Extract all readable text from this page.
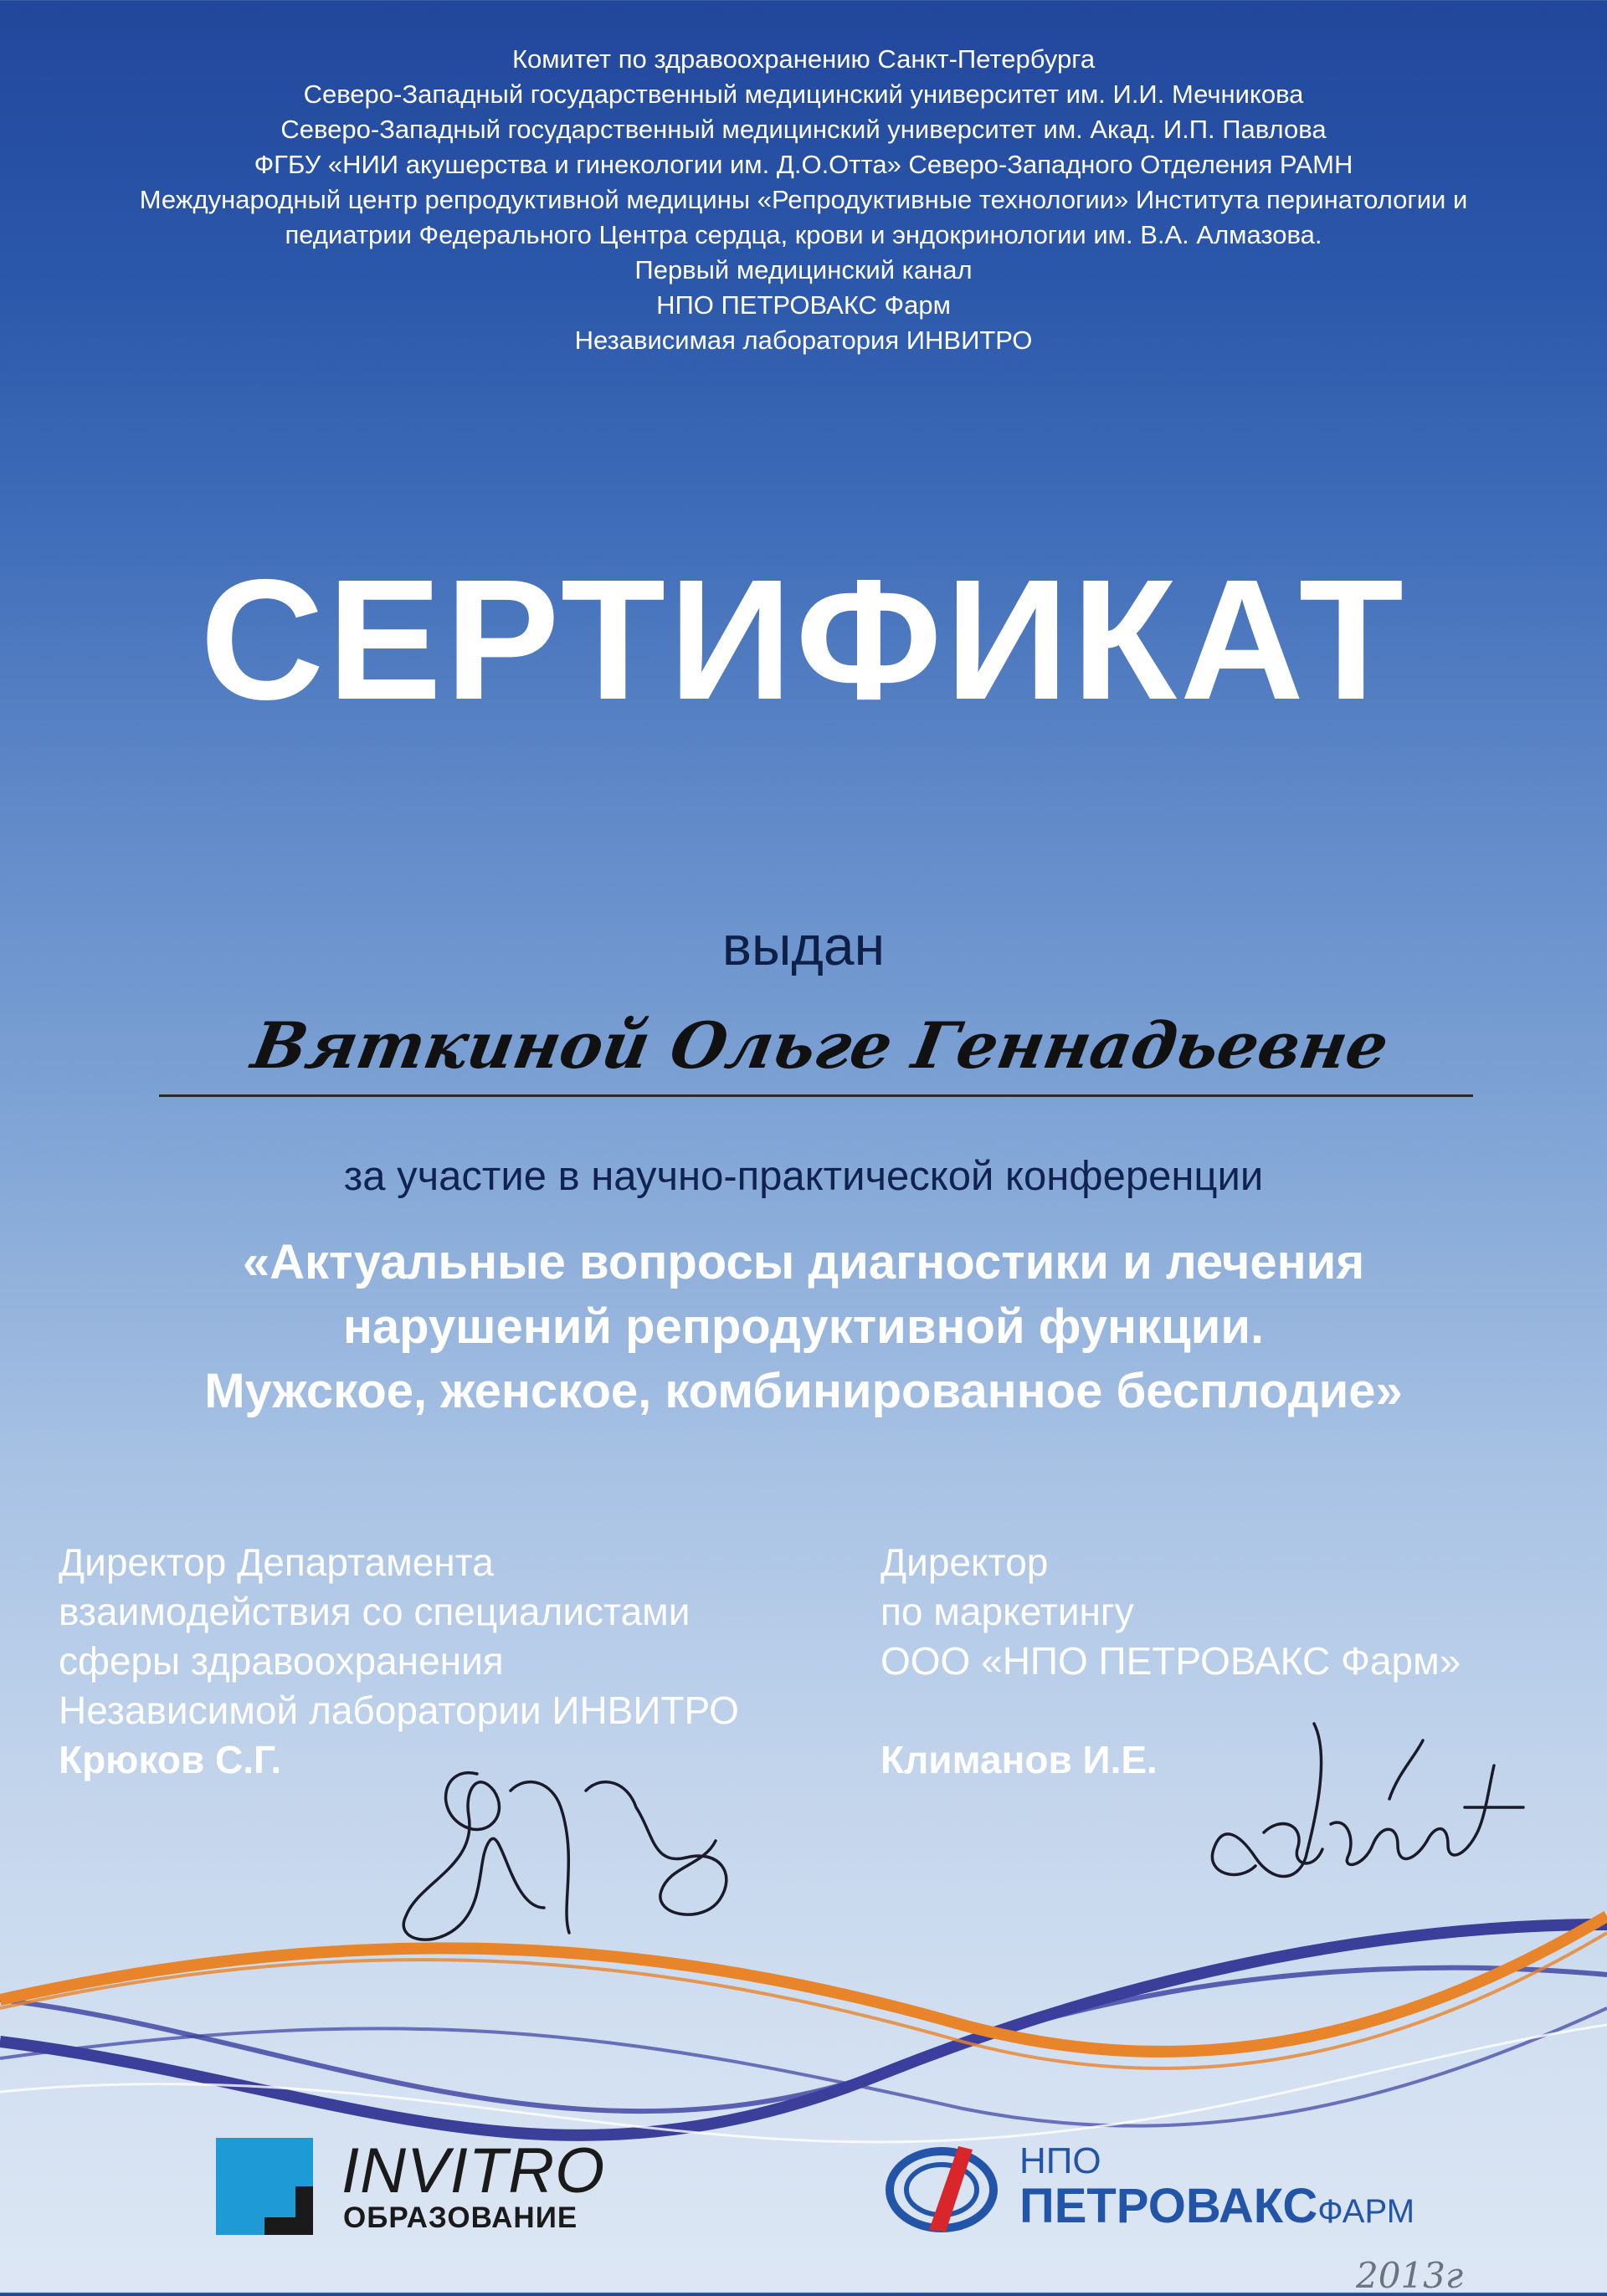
Комитет по здравоохранению Санкт-Петербурга
Северо-Западный государственный медицинский университет им. И.И. Мечникова
Северо-Западный государственный медицинский университет им. Акад. И.П. Павлова
ФГБУ «НИИ акушерства и гинекологии им. Д.О.Отта» Северо-Западного Отделения РАМН
Международный центр репродуктивной медицины «Репродуктивные технологии» Института перинатологии и
педиатрии Федерального Центра сердца, крови и эндокринологии им. В.А. Алмазова.
Первый медицинский канал
НПО ПЕТРОВАКС Фарм
Независимая лаборатория ИНВИТРО
СЕРТИФИКАТ
выдан
Вяткиной Ольге Геннадьевне
за участие в научно-практической конференции
«Актуальные вопросы диагностики и лечения
нарушений репродуктивной функции.
Мужское, женское, комбинированное бесплодие»
Директор Департамента
взаимодействия со специалистами
сферы здравоохранения
Независимой лаборатории ИНВИТРО
Крюков С.Г.
Директор
по маркетингу
ООО «НПО ПЕТРОВАКС Фарм»
Климанов И.Е.
INVITRO
ОБРАЗОВАНИЕ
НПО
ПЕТРОВАКСФАРМ
2013г
